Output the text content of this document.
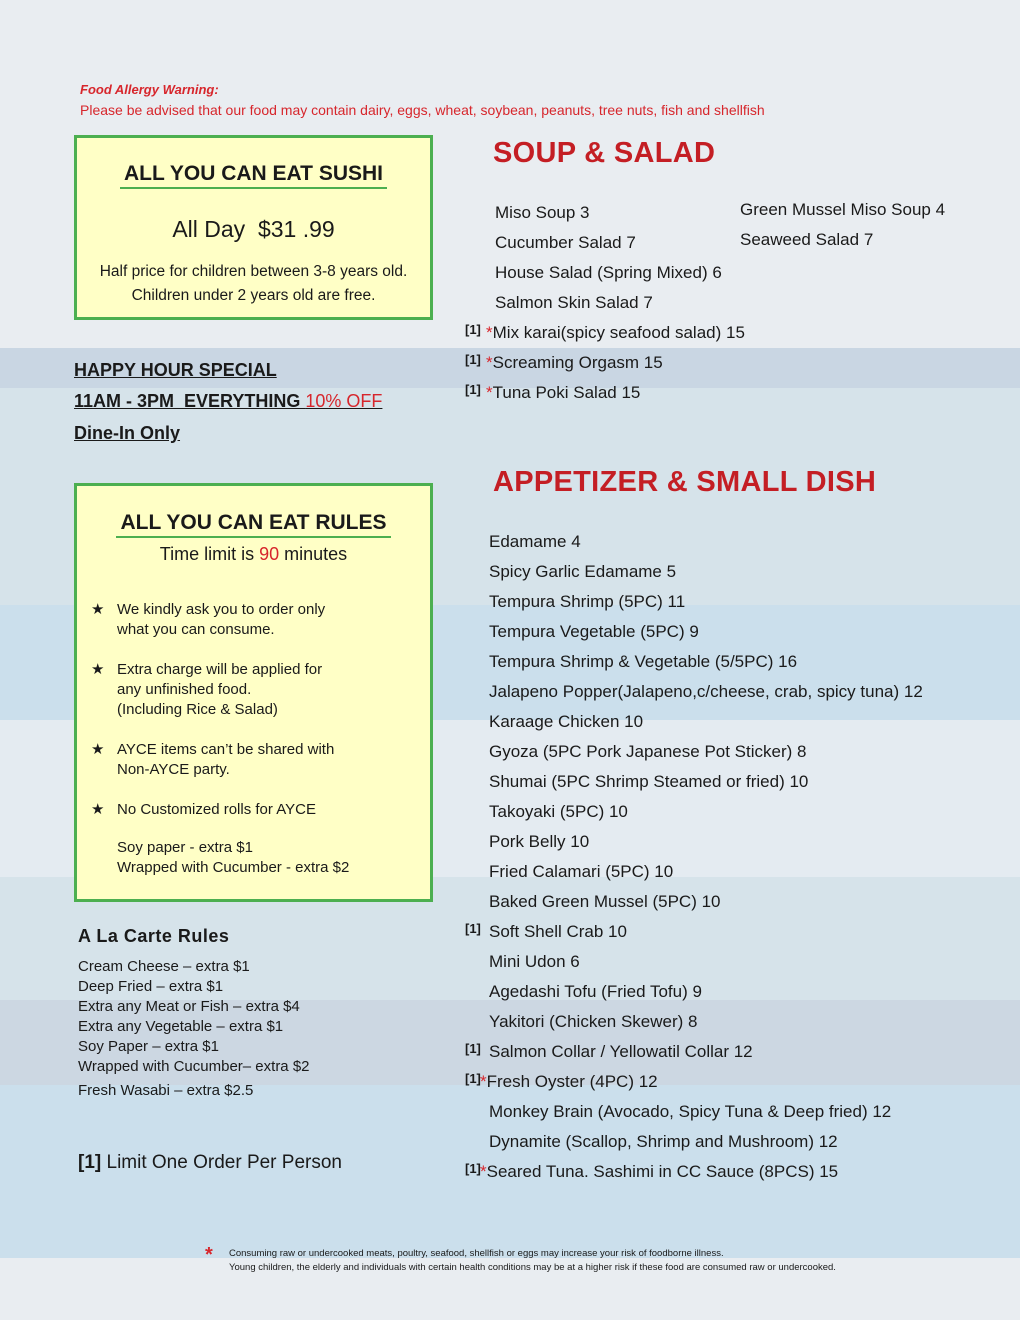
Food Allergy Warning:
Please be advised that our food may contain dairy, eggs, wheat, soybean, peanuts, tree nuts, fish and shellfish
ALL YOU CAN EAT SUSHI
All Day  $31 .99
Half price for children between 3-8 years old.
Children under 2 years old are free.
HAPPY HOUR SPECIAL
11AM - 3PM  EVERYTHING 10% OFF
Dine-In Only
ALL YOU CAN EAT RULES
Time limit is 90 minutes
★ We kindly ask you to order only
what you can consume.
★ Extra charge will be applied for
any unfinished food.
(Including Rice & Salad)
★ AYCE items can’t be shared with
Non-AYCE party.
★ No Customized rolls for AYCE
Soy paper - extra $1
Wrapped with Cucumber - extra $2
A La Carte Rules
Cream Cheese – extra $1
Deep Fried – extra $1
Extra any Meat or Fish – extra $4
Extra any Vegetable – extra $1
Soy Paper – extra $1
Wrapped with Cucumber– extra $2
Fresh Wasabi – extra $2.5
[1] Limit One Order Per Person
SOUP & SALAD
Miso Soup 3
Cucumber Salad 7
House Salad (Spring Mixed) 6
Salmon Skin Salad 7
[1] *Mix karai(spicy seafood salad) 15
[1] *Screaming Orgasm 15
[1] *Tuna Poki Salad 15
Green Mussel Miso Soup 4
Seaweed Salad 7
APPETIZER & SMALL DISH
Edamame 4
Spicy Garlic Edamame 5
Tempura Shrimp (5PC) 11
Tempura Vegetable (5PC) 9
Tempura Shrimp & Vegetable (5/5PC) 16
Jalapeno Popper(Jalapeno,c/cheese, crab, spicy tuna) 12
Karaage Chicken 10
Gyoza (5PC Pork Japanese Pot Sticker) 8
Shumai (5PC Shrimp Steamed or fried) 10
Takoyaki (5PC) 10
Pork Belly 10
Fried Calamari (5PC) 10
Baked Green Mussel (5PC) 10
[1] Soft Shell Crab 10
Mini Udon 6
Agedashi Tofu (Fried Tofu) 9
Yakitori (Chicken Skewer) 8
[1] Salmon Collar / Yellowatil Collar 12
[1] *Fresh Oyster (4PC) 12
Monkey Brain (Avocado, Spicy Tuna & Deep fried) 12
Dynamite (Scallop, Shrimp and Mushroom) 12
[1] *Seared Tuna. Sashimi in CC Sauce (8PCS) 15
* Consuming raw or undercooked meats, poultry, seafood, shellfish or eggs may increase your risk of foodborne illness.
Young children, the elderly and individuals with certain health conditions may be at a higher risk if these food are consumed raw or undercooked.
